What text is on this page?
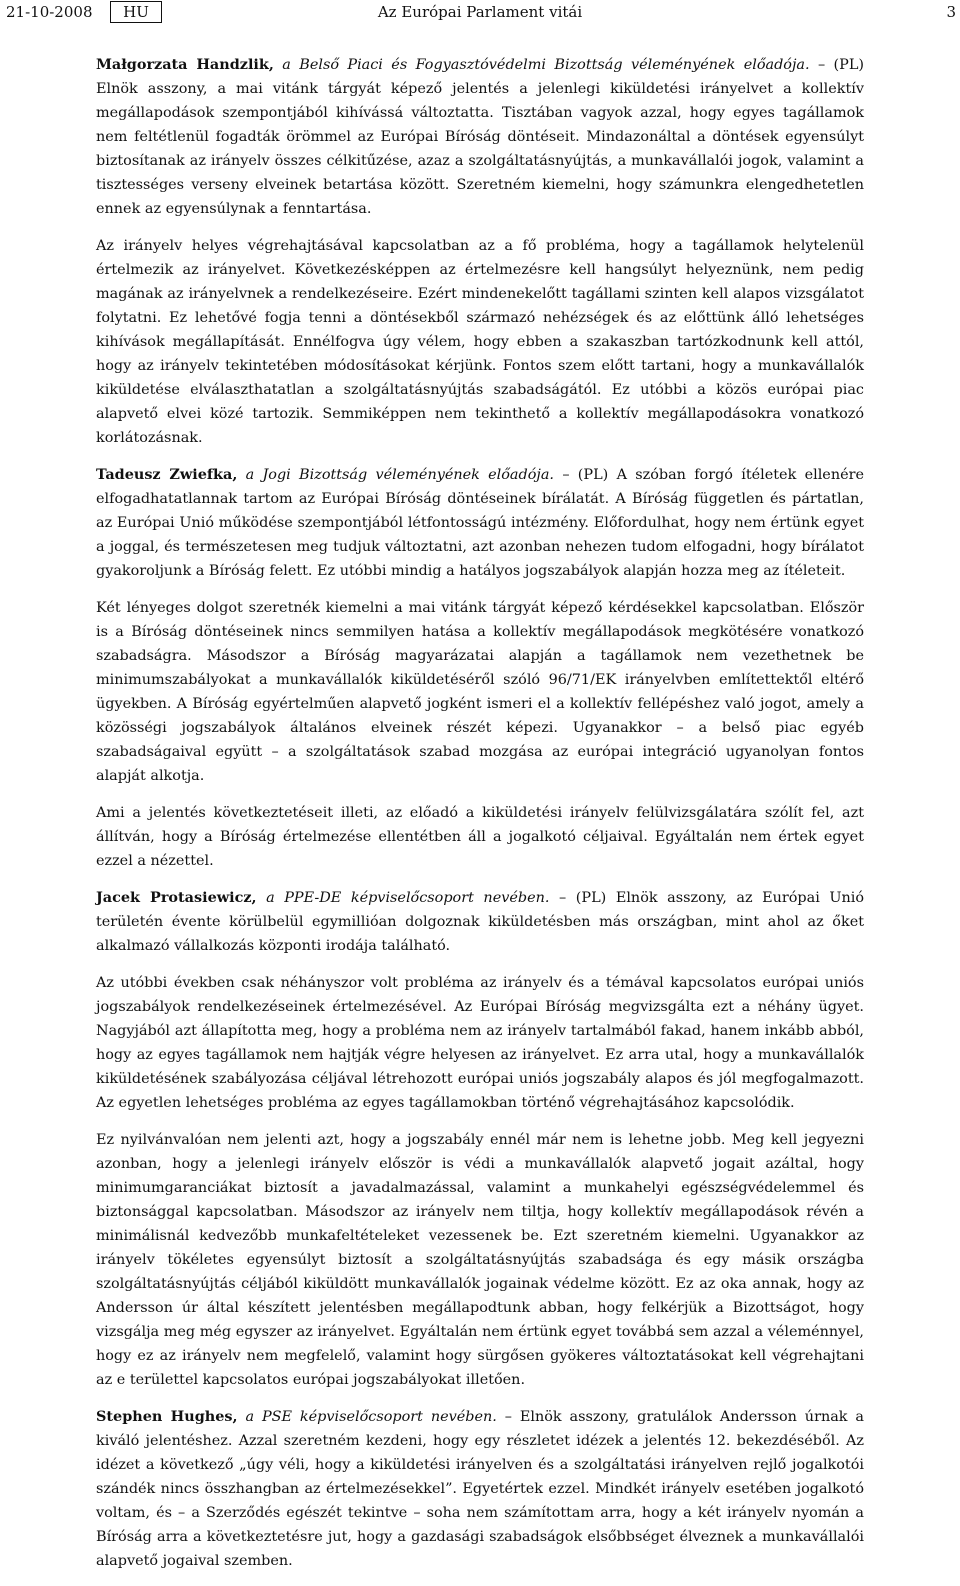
Az Európai Parlament vitái
21-10-2008	HU	3

Małgorzata Handzlik, a Belső Piaci és Fogyasztóvédelmi Bizottság véleményének előadója. – (PL) Elnök asszony, a mai vitánk tárgyát képező jelentés a jelenlegi kiküldetési irányelvet a kollektív megállapodások szempontjából kihívássá változtatta. Tisztában vagyok azzal, hogy egyes tagállamok nem feltétlenül fogadták örömmel az Európai Bíróság döntéseit. Mindazonáltal a döntések egyensúlyt biztosítanak az irányelv összes célkitűzése, azaz a szolgáltatásnyújtás, a munkavállalói jogok, valamint a tisztességes verseny elveinek betartása között. Szeretném kiemelni, hogy számunkra elengedhetetlen ennek az egyensúlynak a fenntartása.

Az irányelv helyes végrehajtásával kapcsolatban az a fő probléma, hogy a tagállamok helytelenül értelmezik az irányelvet. Következésképpen az értelmezésre kell hangsúlyt helyeznünk, nem pedig magának az irányelvnek a rendelkezéseire. Ezért mindenekelőtt tagállami szinten kell alapos vizsgálatot folytatni. Ez lehetővé fogja tenni a döntésekből származó nehézségek és az előttünk álló lehetséges kihívások megállapítását. Ennélfogva úgy vélem, hogy ebben a szakaszban tartózkodnunk kell attól, hogy az irányelv tekintetében módosításokat kérjünk. Fontos szem előtt tartani, hogy a munkavállalók kiküldetése elválaszthatatlan a szolgáltatásnyújtás szabadságától. Ez utóbbi a közös európai piac alapvető elvei közé tartozik. Semmiképpen nem tekinthető a kollektív megállapodásokra vonatkozó korlátozásnak.

Tadeusz Zwiefka, a Jogi Bizottság véleményének előadója. – (PL) A szóban forgó ítéletek ellenére elfogadhatatlannak tartom az Európai Bíróság döntéseinek bírálatát. A Bíróság független és pártatlan, az Európai Unió működése szempontjából létfontosságú intézmény. Előfordulhat, hogy nem értünk egyet a joggal, és természetesen meg tudjuk változtatni, azt azonban nehezen tudom elfogadni, hogy bírálatot gyakoroljunk a Bíróság felett. Ez utóbbi mindig a hatályos jogszabályok alapján hozza meg az ítéleteit.

Két lényeges dolgot szeretnék kiemelni a mai vitánk tárgyát képező kérdésekkel kapcsolatban. Először is a Bíróság döntéseinek nincs semmilyen hatása a kollektív megállapodások megkötésére vonatkozó szabadságra. Másodszor a Bíróság magyarázatai alapján a tagállamok nem vezethetnek be minimumszabályokat a munkavállalók kiküldetéséről szóló 96/71/EK irányelvben említettektől eltérő ügyekben. A Bíróság egyértelműen alapvető jogként ismeri el a kollektív fellépéshez való jogot, amely a közösségi jogszabályok általános elveinek részét képezi. Ugyanakkor – a belső piac egyéb szabadságaival együtt – a szolgáltatások szabad mozgása az európai integráció ugyanolyan fontos alapját alkotja.

Ami a jelentés következtetéseit illeti, az előadó a kiküldetési irányelv felülvizsgálatára szólít fel, azt állítván, hogy a Bíróság értelmezése ellentétben áll a jogalkotó céljaival. Egyáltalán nem értek egyet ezzel a nézettel.

Jacek Protasiewicz, a PPE-DE képviselőcsoport nevében. – (PL) Elnök asszony, az Európai Unió területén évente körülbelül egymillióan dolgoznak kiküldetésben más országban, mint ahol az őket alkalmazó vállalkozás központi irodája található.

Az utóbbi években csak néhányszor volt probléma az irányelv és a témával kapcsolatos európai uniós jogszabályok rendelkezéseinek értelmezésével. Az Európai Bíróság megvizsgálta ezt a néhány ügyet. Nagyjából azt állapította meg, hogy a probléma nem az irányelv tartalmából fakad, hanem inkább abból, hogy az egyes tagállamok nem hajtják végre helyesen az irányelvet. Ez arra utal, hogy a munkavállalók kiküldetésének szabályozása céljával létrehozott európai uniós jogszabály alapos és jól megfogalmazott. Az egyetlen lehetséges probléma az egyes tagállamokban történő végrehajtásához kapcsolódik.

Ez nyilvánvalóan nem jelenti azt, hogy a jogszabály ennél már nem is lehetne jobb. Meg kell jegyezni azonban, hogy a jelenlegi irányelv először is védi a munkavállalók alapvető jogait azáltal, hogy minimumgaranciákat biztosít a javadalmazással, valamint a munkahelyi egészségvédelemmel és biztonsággal kapcsolatban. Másodszor az irányelv nem tiltja, hogy kollektív megállapodások révén a minimálisnál kedvezőbb munkafeltételeket vezessenek be. Ezt szeretném kiemelni. Ugyanakkor az irányelv tökéletes egyensúlyt biztosít a szolgáltatásnyújtás szabadsága és egy másik országba szolgáltatásnyújtás céljából kiküldött munkavállalók jogainak védelme között. Ez az oka annak, hogy az Andersson úr által készített jelentésben megállapodtunk abban, hogy felkérjük a Bizottságot, hogy vizsgálja meg még egyszer az irányelvet. Egyáltalán nem értünk egyet továbbá sem azzal a véleménnyel, hogy ez az irányelv nem megfelelő, valamint hogy sürgősen gyökeres változtatásokat kell végrehajtani az e területtel kapcsolatos európai jogszabályokat illetően.

Stephen Hughes, a PSE képviselőcsoport nevében. – Elnök asszony, gratulálok Andersson úrnak a kiváló jelentéshez. Azzal szeretném kezdeni, hogy egy részletet idézek a jelentés 12. bekezdéséből. Az idézet a következő „úgy véli, hogy a kiküldetési irányelven és a szolgáltatási irányelven rejlő jogalkotói szándék nincs összhangban az értelmezésekkel”. Egyetértek ezzel. Mindkét irányelv esetében jogalkotó voltam, és – a Szerződés egészét tekintve – soha nem számítottam arra, hogy a két irányelv nyomán a Bíróság arra a következtetésre jut, hogy a gazdasági szabadságok elsőbbséget élveznek a munkavállalói alapvető jogaival szemben.
